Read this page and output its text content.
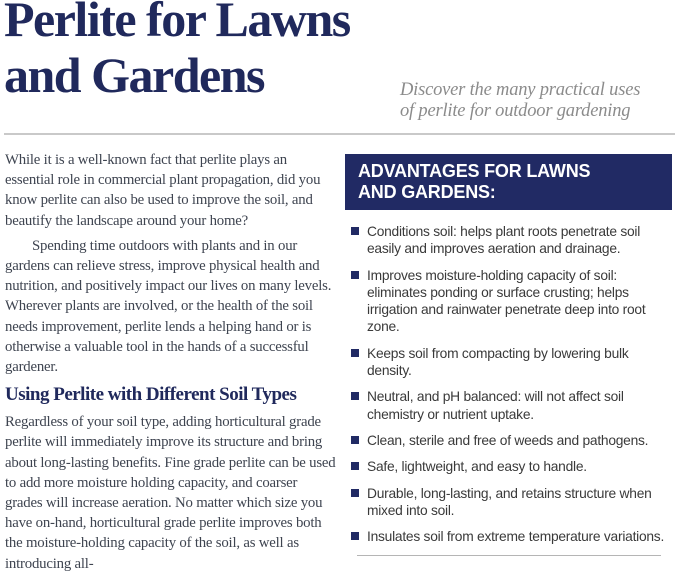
Perlite for Lawns
and Gardens	Discover the many practical uses
of perlite for outdoor gardening

While it is a well-known fact that perlite plays an essential role in commercial plant propagation, did you know perlite can also be used to improve the soil, and beautify the landscape around your home?

Spending time outdoors with plants and in our gardens can relieve stress, improve physical health and nutrition, and positively impact our lives on many levels. Wherever plants are involved, or the health of the soil needs improvement, perlite lends a helping hand or is otherwise a valuable tool in the hands of a successful gardener.

Using Perlite with Different Soil Types

Regardless of your soil type, adding horticultural grade perlite will immediately improve its structure and bring about long-lasting benefits. Fine grade perlite can be used to add more moisture holding capacity, and coarser grades will increase aeration. No matter which size you have on-hand, horticultural grade perlite improves both the moisture-holding capacity of the soil, as well as introducing all-

ADVANTAGES FOR LAWNS
AND GARDENS:
Conditions soil: helps plant roots penetrate soil easily and improves aeration and drainage.
Improves moisture-holding capacity of soil: eliminates ponding or surface crusting; helps irrigation and rainwater penetrate deep into root zone.
Keeps soil from compacting by lowering bulk density.
Neutral, and pH balanced: will not affect soil chemistry or nutrient uptake.
Clean, sterile and free of weeds and pathogens.
Safe, lightweight, and easy to handle.
Durable, long-lasting, and retains structure when mixed into soil.
Insulates soil from extreme temperature variations.
